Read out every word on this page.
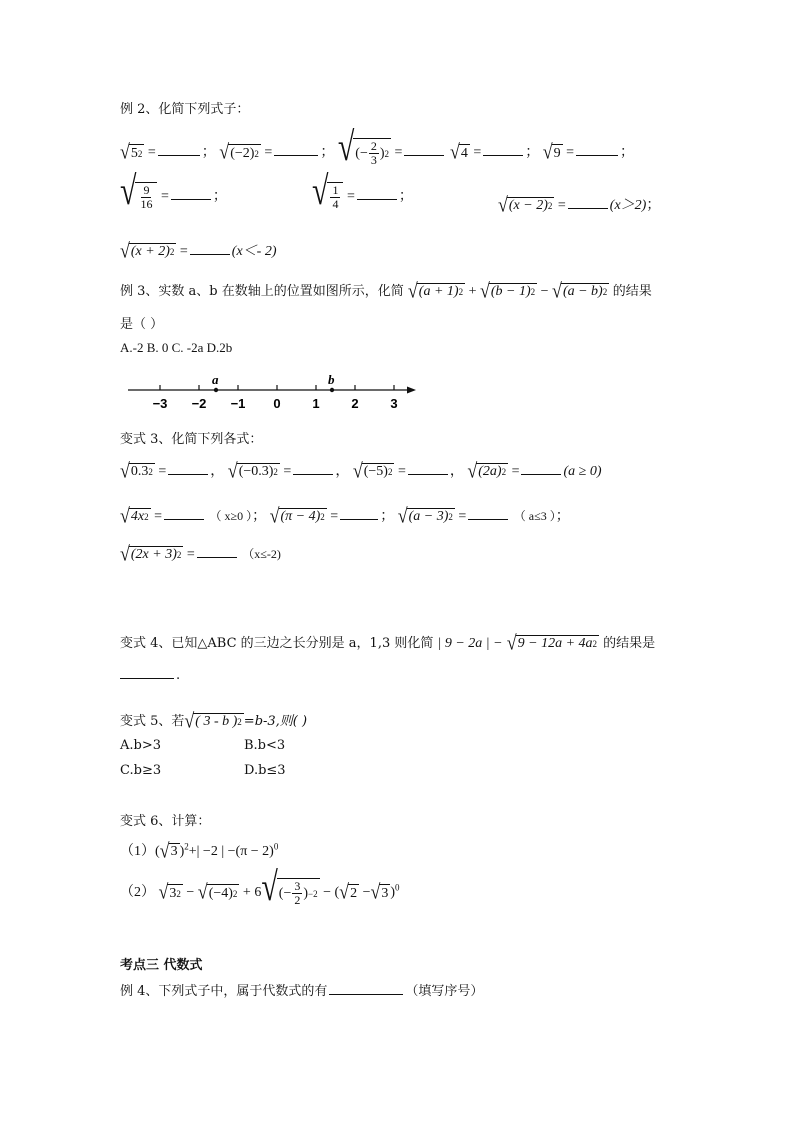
例 2、化简下列式子：
√ 5 2 =	； √ (−2) 2 =	； √ (− $\frac{2}{3}$ ) 2 =	√ 4 =	； √ 9 =	；
√ $\frac{9}{16}$ =	；	√ $\frac{1}{4}$ =	；	√ (x − 2) 2 =	(x＞2)；
√ (x + 2) 2 =	(x＜- 2)
例 3、实数 a、b 在数轴上的位置如图所示，化简 √ (a + 1) 2 + √ (b − 1) 2 − √ (a − b) 2 的结果
是（ ）
A.-2 B. 0 C. -2a D.2b
−3 −2 −1 0 1 2 3
a	b
变式 3、化简下列各式：
√ 0.3 2 =	， √ (−0.3) 2 =	， √ (−5) 2 =	， √ (2a) 2 =	(a ≥ 0)
√ 4x 2 =	（ x≥0 ）； √ (π − 4) 2 =	； √ (a − 3) 2 =	（ a≤3 ）；
√ (2x + 3) 2 =	（x≤-2)
变式 4、已知△ABC 的三边之长分别是 a，1,3 则化简 | 9 − 2a | − √ 9 − 12a + 4a 2 的结果是
.
变式 5、若 √ ( 3 - b ) 2 =b-3,则( )
A.b>3	B.b<3
C.b≥3	D.b≤3
变式 6、计算：
（1）( √ 3 )$^2$+| −2 | $-(\pi - 2)^0$
（2） √ 3 2 − √ (−4) 2 + 6 √ (− $\frac{3}{2}$ ) −2 − ( √ 2 − √ 3 )$^0$
考点三 代数式
例 4、下列式子中，属于代数式的有	（填写序号）
